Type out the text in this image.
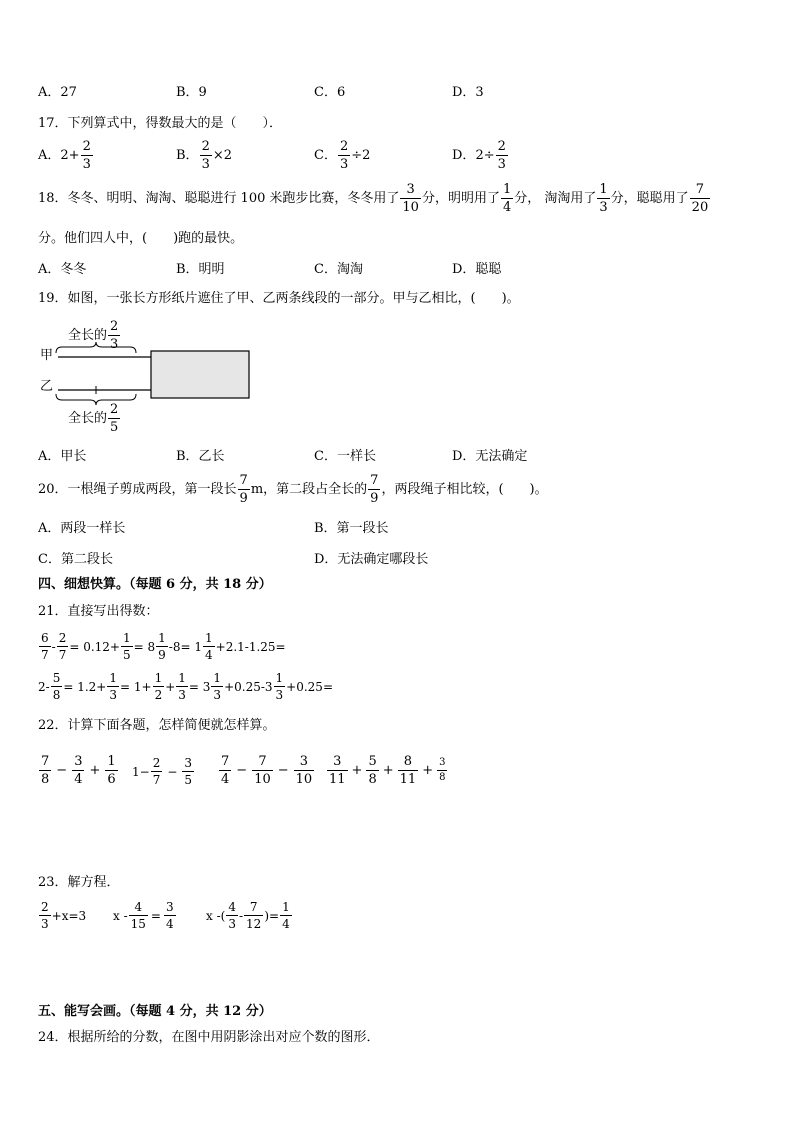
A．27	B．9	C．6	D．3
17．下列算式中，得数最大的是（　　）．
A．$2+ \frac{2}{3}$	B． $\frac{2}{3} \times 2$	C． $\frac{2}{3} \div 2$	D．$2\div \frac{2}{3}$
18．冬冬、明明、淘淘、聪聪进行 100 米跑步比赛，冬冬用了 $\frac{3}{10}$ 分，明明用了 $\frac{1}{4}$ 分， 淘淘用了 $\frac{1}{3}$ 分，聪聪用了 $\frac{7}{20}$
分。他们四人中，(　　)跑的最快。
A．冬冬	B．明明	C．淘淘	D．聪聪
19．如图，一张长方形纸片遮住了甲、乙两条线段的一部分。甲与乙相比，(　　)。
全长的 $\frac{2}{3}$
甲
乙
全长的 $\frac{2}{5}$
A．甲长	B．乙长	C．一样长	D．无法确定
20．一根绳子剪成两段，第一段长 $\frac{7}{9}$ m，第二段占全长的 $\frac{7}{9}$ ，两段绳子相比较，(　　)。
A．两段一样长	B．第一段长
C．第二段长	D．无法确定哪段长
四、细想快算。（每题 6 分，共 18 分）
21．直接写出得数：
$\frac{6}{7} - \frac{2}{7} = 0.12+ \frac{1}{5} = 8 \frac{1}{9} -8= 1 \frac{1}{4} +2.1-1.25=$
$2- \frac{5}{8} = 1.2+ \frac{1}{3} = 1+ \frac{1}{2} + \frac{1}{3} = 3 \frac{1}{3} +0.25-3 \frac{1}{3} +0.25=$
22．计算下面各题，怎样简便就怎样算。
$\frac{7}{8} - \frac{3}{4} + \frac{1}{6} 1- \frac{2}{7} - \frac{3}{5} \frac{7}{4} - \frac{7}{10} - \frac{3}{10} \frac{3}{11} + \frac{5}{8} + \frac{8}{11} + \frac{3}{8}$
23．解方程．
$\frac{2}{3} +x=3$ $x - \frac{4}{15} = \frac{3}{4}$	x -( $\frac{4}{3} - \frac{7}{12}$ )= $\frac{1}{4}$
五、能写会画。（每题 4 分，共 12 分）
24．根据所给的分数，在图中用阴影涂出对应个数的图形．
